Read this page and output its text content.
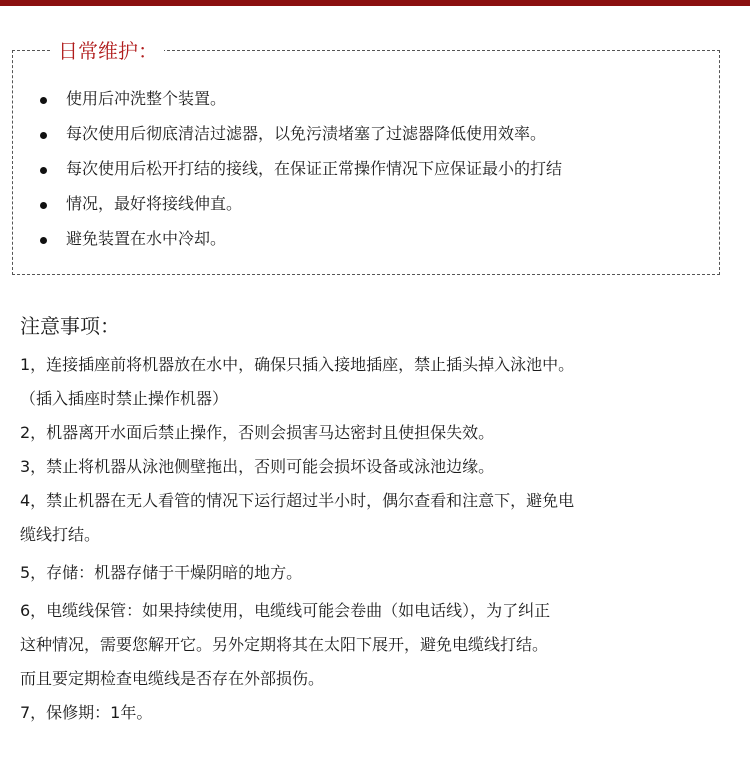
日常维护：
使用后冲洗整个装置。
每次使用后彻底清洁过滤器，以免污渍堵塞了过滤器降低使用效率。
每次使用后松开打结的接线，在保证正常操作情况下应保证最小的打结
情况，最好将接线伸直。
避免装置在水中冷却。
注意事项：
1，连接插座前将机器放在水中，确保只插入接地插座，禁止插头掉入泳池中。
（插入插座时禁止操作机器）
2，机器离开水面后禁止操作，否则会损害马达密封且使担保失效。
3，禁止将机器从泳池侧壁拖出，否则可能会损坏设备或泳池边缘。
4，禁止机器在无人看管的情况下运行超过半小时，偶尔查看和注意下，避免电
缆线打结。
5，存储：机器存储于干燥阴暗的地方。
6，电缆线保管：如果持续使用，电缆线可能会卷曲（如电话线），为了纠正
这种情况，需要您解开它。另外定期将其在太阳下展开，避免电缆线打结。
而且要定期检查电缆线是否存在外部损伤。
7，保修期：1年。
